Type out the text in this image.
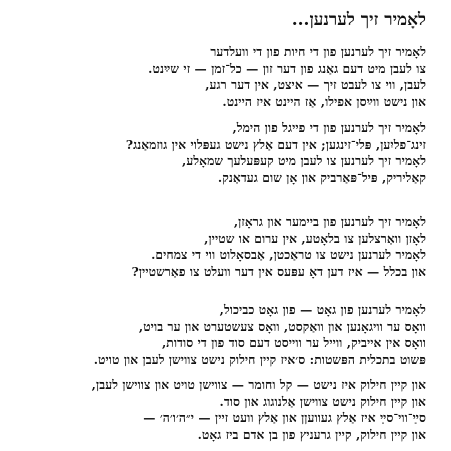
לאָמיר זיך לערנען...
לאָמיר זיך לערנען פון די חיות פון די וועלדער
צו לעבן מיט דעם גאַנג פון דער זון — כל־זמן — זי שײַנט.
לעבן, ווי צו לעבט זיך — איצט, אין דער רגע,
און נישט ווײַסן אפילו, אַז היינט איז היינט.
לאָמיר זיך לערנען פון די פייגל פון הימל,
זינג־פליִען, פּלי־זינגען; אין דעם אַלץ נישט געפּלוי אין גוזמאַנג?
לאָמיר זיך לערנען צו לעבן מיט קעפּעלעך שמאָלע,
קאַליריק, פּיל־פּאַרביק און אָן שום געדאַנק.
לאָמיר זיך לערנען פון ביימער און גראָזן,
לאָזן וואַרצלען צו בלאָטע, אין ערום או שטיין,
לאָמיר לערנען נישט צו טראַכטן, אַבסאָלוט ווי די צמחים.
און בכלל — איז דען דאָ עפּעס אין דער וועלט צו פאַרשטיין?
לאָמיר לערנען פון גאָט — פון גאָט כביכול,
וואָס ער וויגאָנען און וואַקסט, וואָס צעשטערט און ער בויט,
וואָס אין אייביק, ווייל ער ווייסט דעם סוד פון די סודות,
פּשוט בתכלית הפּשטות: ס׳איז קיין חילוק נישט צווישן לעבן און טויט.
און קיין חילוק איז נישט — קל וחומר — צווישן טויט און צווישן לעבן,
און קיין חילוק נישט צווישן אַלנוגוג און סוד.
סײַ־ווי־סײַ איז אַלץ געוועןן און אַלץ וועט זיין — י״ה׳ו׳ה׳ —
און קיין חילוק, קיין גרעניץ פון בן אדם ביז גאָט.
